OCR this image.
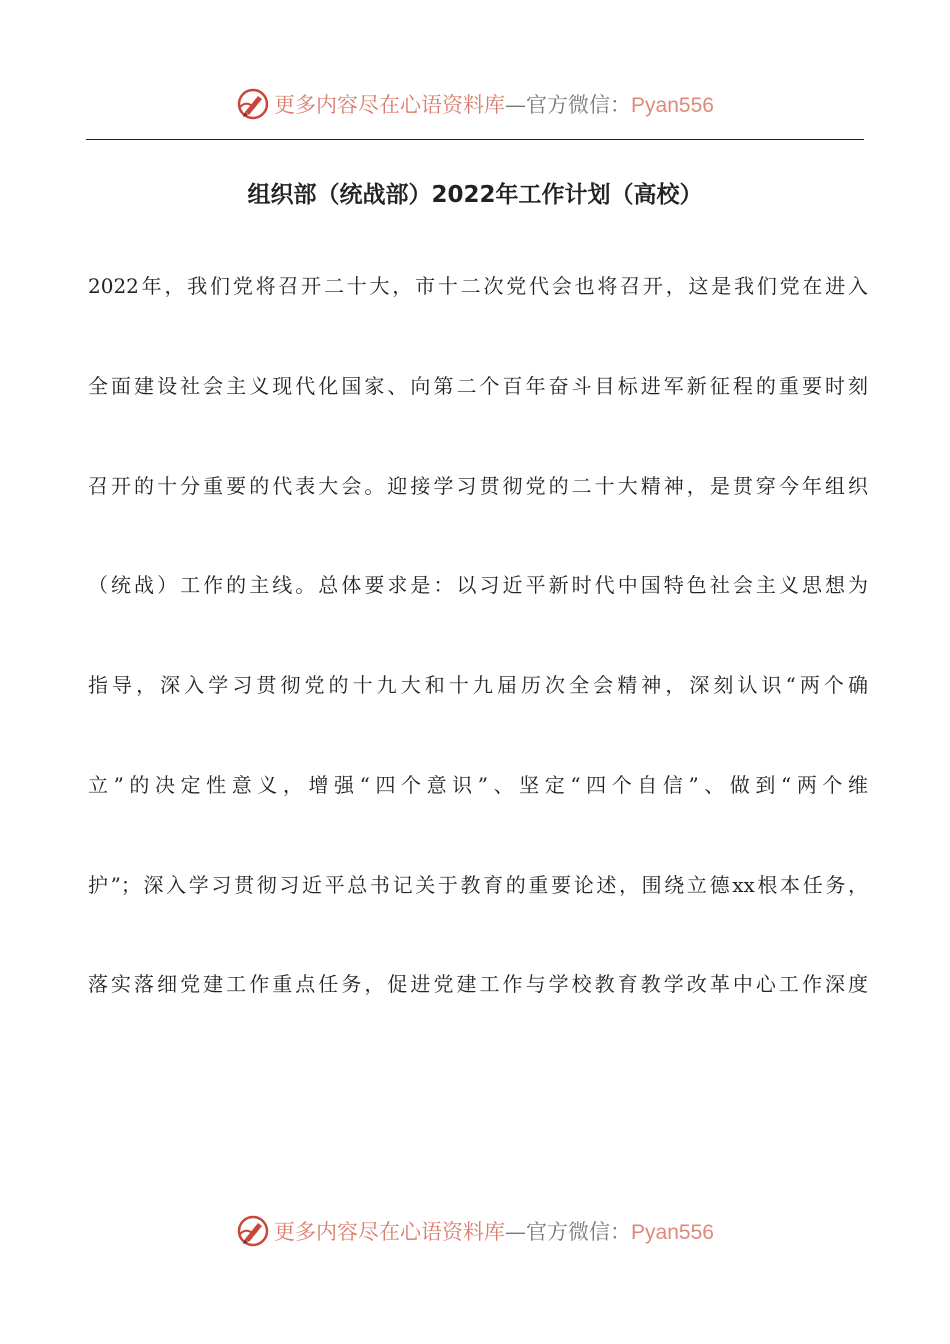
更多内容尽在心语资料库—官方微信：Pyan556
组织部（统战部）2022年工作计划（高校）
2022年，我们党将召开二十大，市十二次党代会也将召开，这是我们党在进入
全面建设社会主义现代化国家、向第二个百年奋斗目标进军新征程的重要时刻
召开的十分重要的代表大会。迎接学习贯彻党的二十大精神，是贯穿今年组织
（统战）工作的主线。总体要求是：以习近平新时代中国特色社会主义思想为
指导，深入学习贯彻党的十九大和十九届历次全会精神，深刻认识“两个确
立”的决定性意义，增强“四个意识”、坚定“四个自信”、做到“两个维
护”；深入学习贯彻习近平总书记关于教育的重要论述，围绕立德xx根本任务，
落实落细党建工作重点任务，促进党建工作与学校教育教学改革中心工作深度
更多内容尽在心语资料库—官方微信：Pyan556
